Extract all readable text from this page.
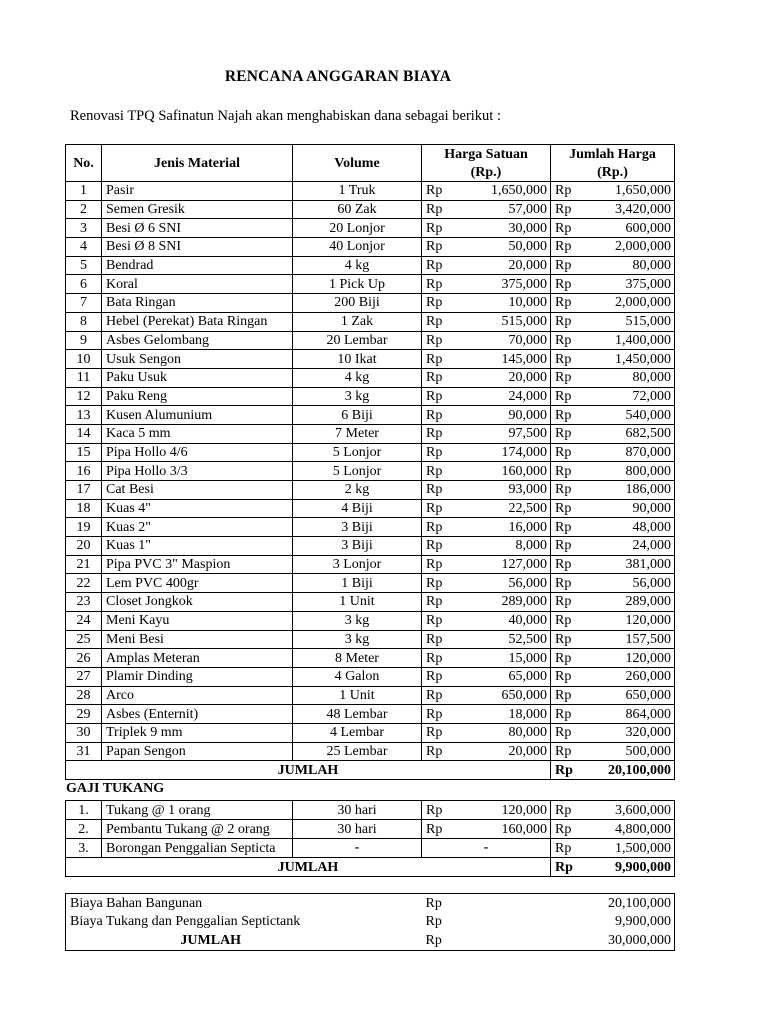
RENCANA ANGGARAN BIAYA
Renovasi TPQ Safinatun Najah akan menghabiskan dana sebagai berikut :
No.	Jenis Material	Volume	Harga Satuan		Jumlah Harga	
			(Rp.)		(Rp.)	
1	Pasir	1 Truk	Rp	1,650,000	Rp	1,650,000
2	Semen Gresik	60 Zak	Rp	57,000	Rp	3,420,000
3	Besi Ø 6 SNI	20 Lonjor	Rp	30,000	Rp	600,000
4	Besi Ø 8 SNI	40 Lonjor	Rp	50,000	Rp	2,000,000
5	Bendrad	4 kg	Rp	20,000	Rp	80,000
6	Koral	1 Pick Up	Rp	375,000	Rp	375,000
7	Bata Ringan	200 Biji	Rp	10,000	Rp	2,000,000
8	Hebel (Perekat) Bata Ringan	1 Zak	Rp	515,000	Rp	515,000
9	Asbes Gelombang	20 Lembar	Rp	70,000	Rp	1,400,000
10	Usuk Sengon	10 Ikat	Rp	145,000	Rp	1,450,000
11	Paku Usuk	4 kg	Rp	20,000	Rp	80,000
12	Paku Reng	3 kg	Rp	24,000	Rp	72,000
13	Kusen Alumunium	6 Biji	Rp	90,000	Rp	540,000
14	Kaca 5 mm	7 Meter	Rp	97,500	Rp	682,500
15	Pipa Hollo 4/6	5 Lonjor	Rp	174,000	Rp	870,000
16	Pipa Hollo 3/3	5 Lonjor	Rp	160,000	Rp	800,000
17	Cat Besi	2 kg	Rp	93,000	Rp	186,000
18	Kuas 4"	4 Biji	Rp	22,500	Rp	90,000
19	Kuas 2"	3 Biji	Rp	16,000	Rp	48,000
20	Kuas 1"	3 Biji	Rp	8,000	Rp	24,000
21	Pipa PVC 3" Maspion	3 Lonjor	Rp	127,000	Rp	381,000
22	Lem PVC 400gr	1 Biji	Rp	56,000	Rp	56,000
23	Closet Jongkok	1 Unit	Rp	289,000	Rp	289,000
24	Meni Kayu	3 kg	Rp	40,000	Rp	120,000
25	Meni Besi	3 kg	Rp	52,500	Rp	157,500
26	Amplas Meteran	8 Meter	Rp	15,000	Rp	120,000
27	Plamir Dinding	4 Galon	Rp	65,000	Rp	260,000
28	Arco	1 Unit	Rp	650,000	Rp	650,000
29	Asbes (Enternit)	48 Lembar	Rp	18,000	Rp	864,000
30	Triplek 9 mm	4 Lembar	Rp	80,000	Rp	320,000
31	Papan Sengon	25 Lembar	Rp	20,000	Rp	500,000
JUMLAH					Rp	20,100,000
GAJI TUKANG
1.	Tukang @ 1 orang	30 hari	Rp	120,000	Rp	3,600,000
2.	Pembantu Tukang @ 2 orang	30 hari	Rp	160,000	Rp	4,800,000
3.	Borongan Penggalian Septicta	-	-		Rp	1,500,000
JUMLAH					Rp	9,900,000
Biaya Bahan Bangunan	Rp	20,100,000
Biaya Tukang dan Penggalian Septictank	Rp	9,900,000
JUMLAH	Rp	30,000,000
